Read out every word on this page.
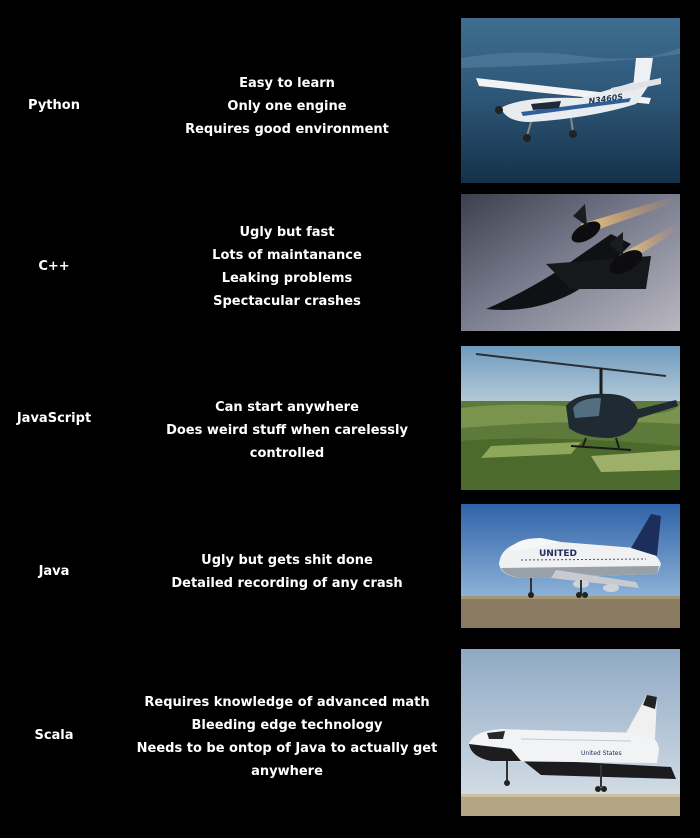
Python
Easy to learn
Only one engine
Requires good environment
N3460S
C++
Ugly but fast
Lots of maintanance
Leaking problems
Spectacular crashes
JavaScript
Can start anywhere
Does weird stuff when carelessly controlled
Java
Ugly but gets shit done
Detailed recording of any crash
UNITED
Scala
Requires knowledge of advanced math
Bleeding edge technology
Needs to be ontop of Java to actually get anywhere
United States
